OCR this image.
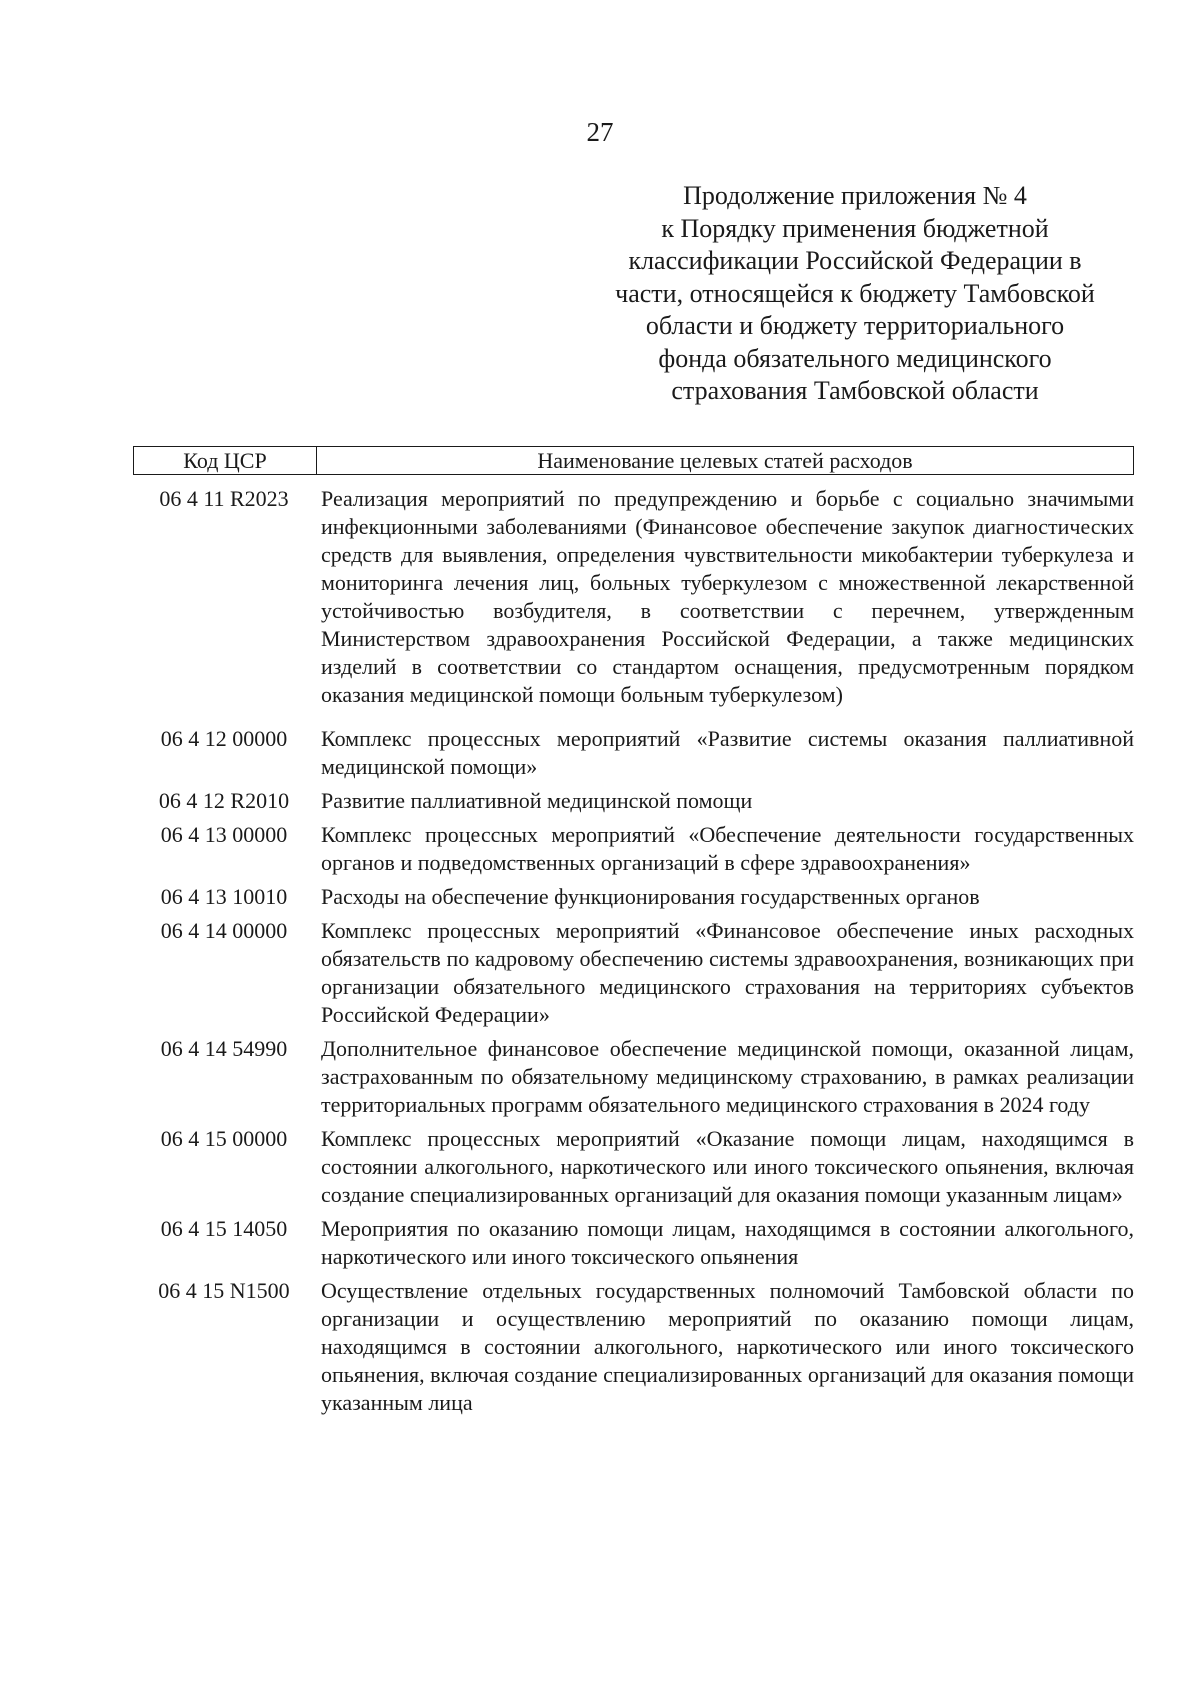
27
Продолжение приложения № 4
к Порядку применения бюджетной
классификации Российской Федерации в
части, относящейся к бюджету Тамбовской
области и бюджету территориального
фонда обязательного медицинского
страхования Тамбовской области
Код ЦСР	Наименование целевых статей расходов
06 4 11 R2023	Реализация мероприятий по предупреждению и борьбе с социально значимыми инфекционными заболеваниями (Финансовое обеспечение закупок диагностических средств для выявления, определения чувствительности микобактерии туберкулеза и мониторинга лечения лиц, больных туберкулезом с множественной лекарственной устойчивостью возбудителя, в соответствии с перечнем, утвержденным Министерством здравоохранения Российской Федерации, а также медицинских изделий в соответствии со стандартом оснащения, предусмотренным порядком оказания медицинской помощи больным туберкулезом)
06 4 12 00000	Комплекс процессных мероприятий «Развитие системы оказания паллиативной медицинской помощи»
06 4 12 R2010	Развитие паллиативной медицинской помощи
06 4 13 00000	Комплекс процессных мероприятий «Обеспечение деятельности государственных органов и подведомственных организаций в сфере здравоохранения»
06 4 13 10010	Расходы на обеспечение функционирования государственных органов
06 4 14 00000	Комплекс процессных мероприятий «Финансовое обеспечение иных расходных обязательств по кадровому обеспечению системы здравоохранения, возникающих при организации обязательного медицинского страхования на территориях субъектов Российской Федерации»
06 4 14 54990	Дополнительное финансовое обеспечение медицинской помощи, оказанной лицам, застрахованным по обязательному медицинскому страхованию, в рамках реализации территориальных программ обязательного медицинского страхования в 2024 году
06 4 15 00000	Комплекс процессных мероприятий «Оказание помощи лицам, находящимся в состоянии алкогольного, наркотического или иного токсического опьянения, включая создание специализированных организаций для оказания помощи указанным лицам»
06 4 15 14050	Мероприятия по оказанию помощи лицам, находящимся в состоянии алкогольного, наркотического или иного токсического опьянения
06 4 15 N1500	Осуществление отдельных государственных полномочий Тамбовской области по организации и осуществлению мероприятий по оказанию помощи лицам, находящимся в состоянии алкогольного, наркотического или иного токсического опьянения, включая создание специализированных организаций для оказания помощи указанным лица
